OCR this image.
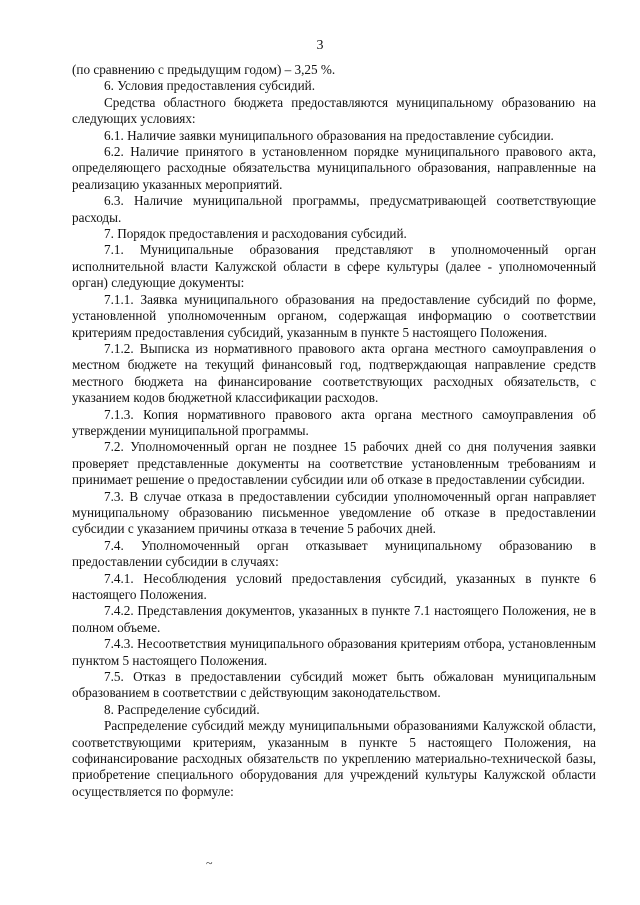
3

(по сравнению с предыдущим годом) – 3,25 %.

6. Условия предоставления субсидий.

Средства областного бюджета предоставляются муниципальному образованию на следующих условиях:

6.1. Наличие заявки муниципального образования на предоставление субсидии.

6.2. Наличие принятого в установленном порядке муниципального правового акта, определяющего расходные обязательства муниципального образования, направленные на реализацию указанных мероприятий.

6.3. Наличие муниципальной программы, предусматривающей соответствующие расходы.

7. Порядок предоставления и расходования субсидий.

7.1. Муниципальные образования представляют в уполномоченный орган исполнительной власти Калужской области в сфере культуры (далее - уполномоченный орган) следующие документы:

7.1.1. Заявка муниципального образования на предоставление субсидий по форме, установленной уполномоченным органом, содержащая информацию о соответствии критериям предоставления субсидий, указанным в пункте 5 настоящего Положения.

7.1.2. Выписка из нормативного правового акта органа местного самоуправления о местном бюджете на текущий финансовый год, подтверждающая направление средств местного бюджета на финансирование соответствующих расходных обязательств, с указанием кодов бюджетной классификации расходов.

7.1.3. Копия нормативного правового акта органа местного самоуправления об утверждении муниципальной программы.

7.2. Уполномоченный орган не позднее 15 рабочих дней со дня получения заявки проверяет представленные документы на соответствие установленным требованиям и принимает решение о предоставлении субсидии или об отказе в предоставлении субсидии.

7.3. В случае отказа в предоставлении субсидии уполномоченный орган направляет муниципальному образованию письменное уведомление об отказе в предоставлении субсидии с указанием причины отказа в течение 5 рабочих дней.

7.4. Уполномоченный орган отказывает муниципальному образованию в предоставлении субсидии в случаях:

7.4.1. Несоблюдения условий предоставления субсидий, указанных в пункте 6 настоящего Положения.

7.4.2. Представления документов, указанных в пункте 7.1 настоящего Положения, не в полном объеме.

7.4.3. Несоответствия муниципального образования критериям отбора, установленным пунктом 5 настоящего Положения.

7.5. Отказ в предоставлении субсидий может быть обжалован муниципальным образованием в соответствии с действующим законодательством.

8. Распределение субсидий.

Распределение субсидий между муниципальными образованиями Калужской области, соответствующими критериям, указанным в пункте 5 настоящего Положения, на софинансирование расходных обязательств по укреплению материально-технической базы, приобретение специального оборудования для учреждений культуры Калужской области осуществляется по формуле:

~
